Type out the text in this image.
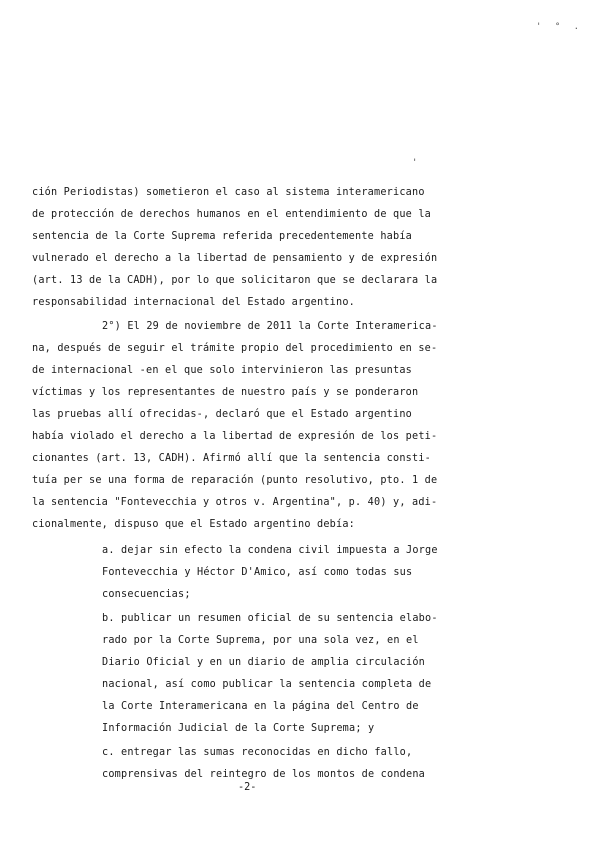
' ° .
'
ción Periodistas) sometieron el caso al sistema interamericano
de protección de derechos humanos en el entendimiento de que la
sentencia de la Corte Suprema referida precedentemente había
vulnerado el derecho a la libertad de pensamiento y de expresión
(art. 13 de la CADH), por lo que solicitaron que se declarara la
responsabilidad internacional del Estado argentino.
2°) El 29 de noviembre de 2011 la Corte Interamerica-
na, después de seguir el trámite propio del procedimiento en se-
de internacional -en el que solo intervinieron las presuntas
víctimas y los representantes de nuestro país y se ponderaron
las pruebas allí ofrecidas-, declaró que el Estado argentino
había violado el derecho a la libertad de expresión de los peti-
cionantes (art. 13, CADH). Afirmó allí que la sentencia consti-
tuía per se una forma de reparación (punto resolutivo, pto. 1 de
la sentencia "Fontevecchia y otros v. Argentina", p. 40) y, adi-
cionalmente, dispuso que el Estado argentino debía:
a. dejar sin efecto la condena civil impuesta a Jorge
Fontevecchia y Héctor D'Amico, así como todas sus
consecuencias;
b. publicar un resumen oficial de su sentencia elabo-
rado por la Corte Suprema, por una sola vez, en el
Diario Oficial y en un diario de amplia circulación
nacional, así como publicar la sentencia completa de
la Corte Interamericana en la página del Centro de
Información Judicial de la Corte Suprema; y
c. entregar las sumas reconocidas en dicho fallo,
comprensivas del reintegro de los montos de condena
-2-
